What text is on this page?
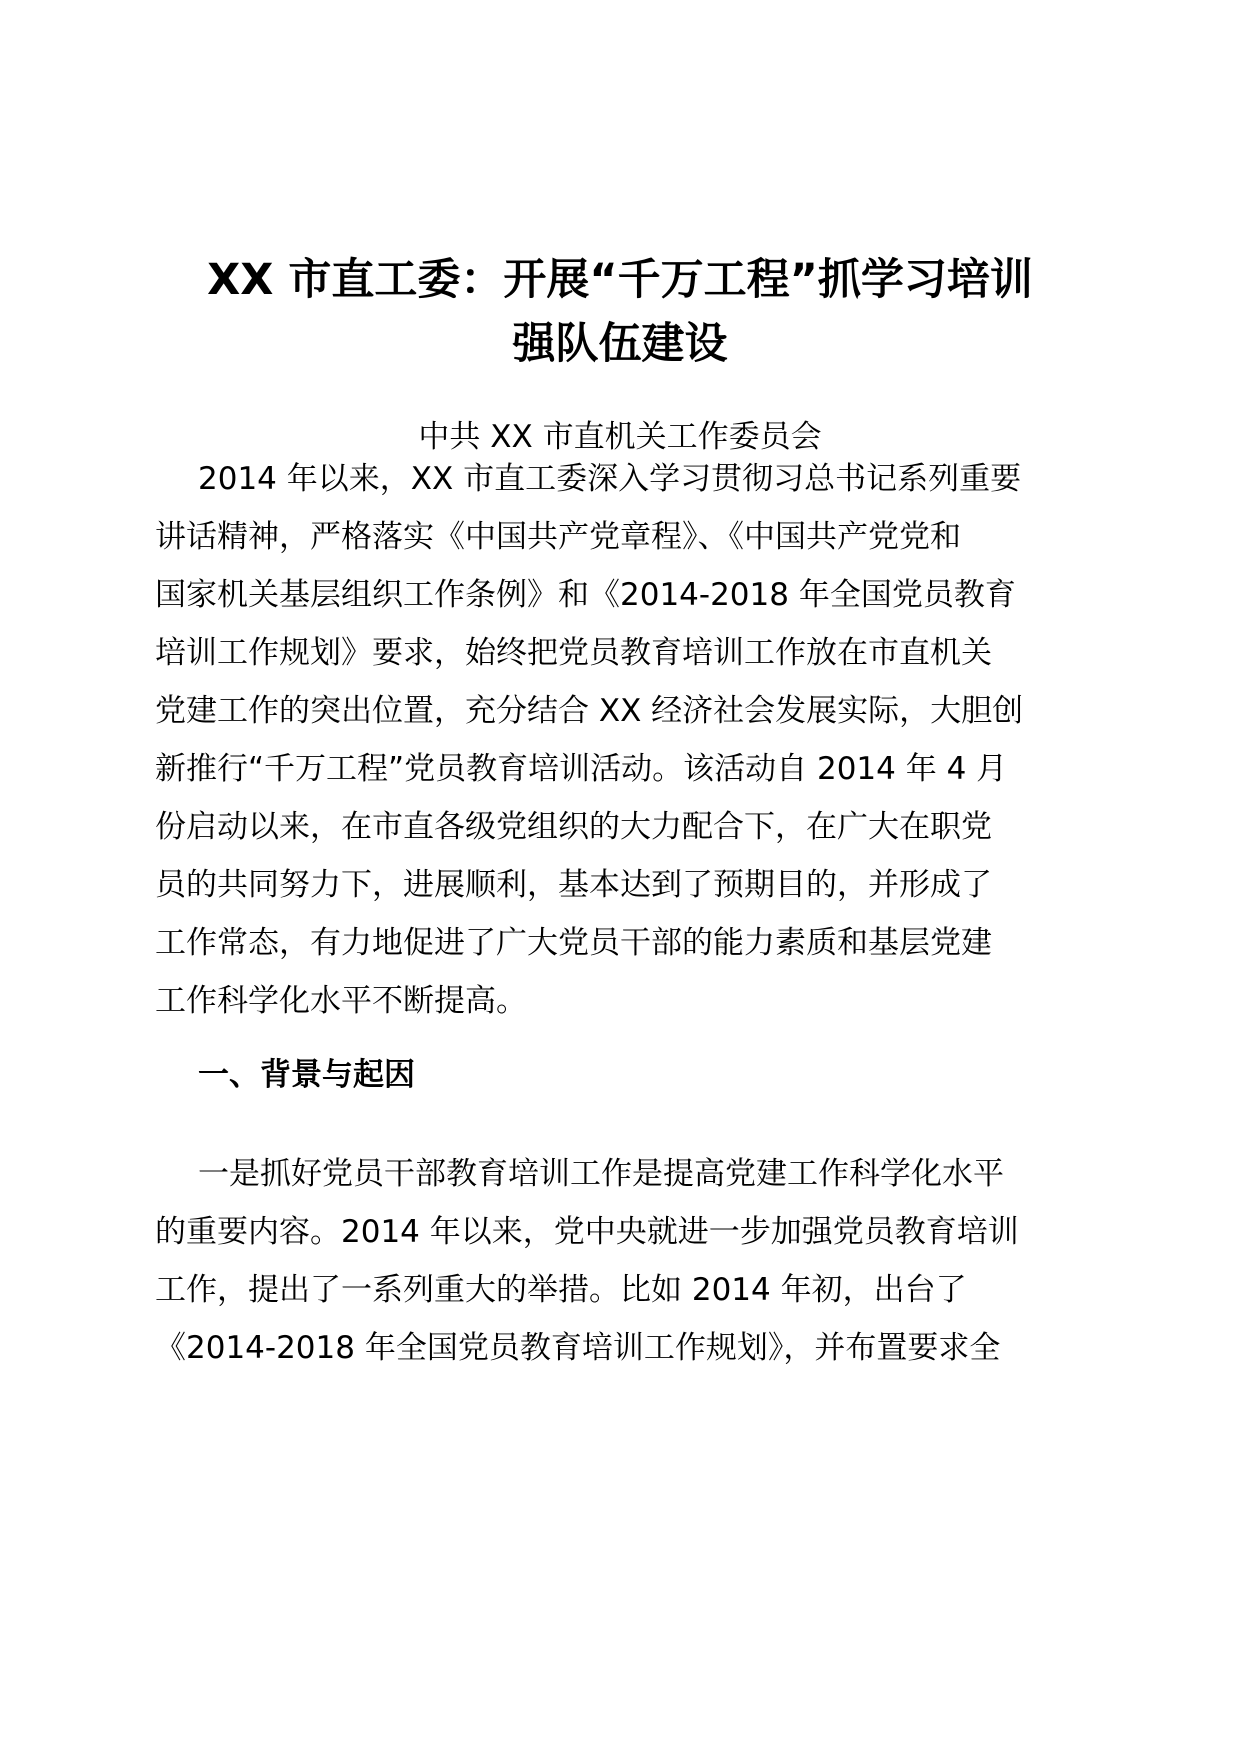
XX 市直工委：开展“千万工程”抓学习培训
强队伍建设

中共 XX 市直机关工作委员会

2014 年以来，XX 市直工委深入学习贯彻习总书记系列重要

讲话精神，严格落实《中国共产党章程》、《中国共产党党和

国家机关基层组织工作条例》和《2014-2018 年全国党员教育

培训工作规划》要求，始终把党员教育培训工作放在市直机关

党建工作的突出位置，充分结合 XX 经济社会发展实际，大胆创

新推行“千万工程”党员教育培训活动。该活动自 2014 年 4 月

份启动以来，在市直各级党组织的大力配合下，在广大在职党

员的共同努力下，进展顺利，基本达到了预期目的，并形成了

工作常态，有力地促进了广大党员干部的能力素质和基层党建

工作科学化水平不断提高。

一、背景与起因

一是抓好党员干部教育培训工作是提高党建工作科学化水平

的重要内容。2014 年以来，党中央就进一步加强党员教育培训

工作，提出了一系列重大的举措。比如 2014 年初，出台了

《2014-2018 年全国党员教育培训工作规划》，并布置要求全
